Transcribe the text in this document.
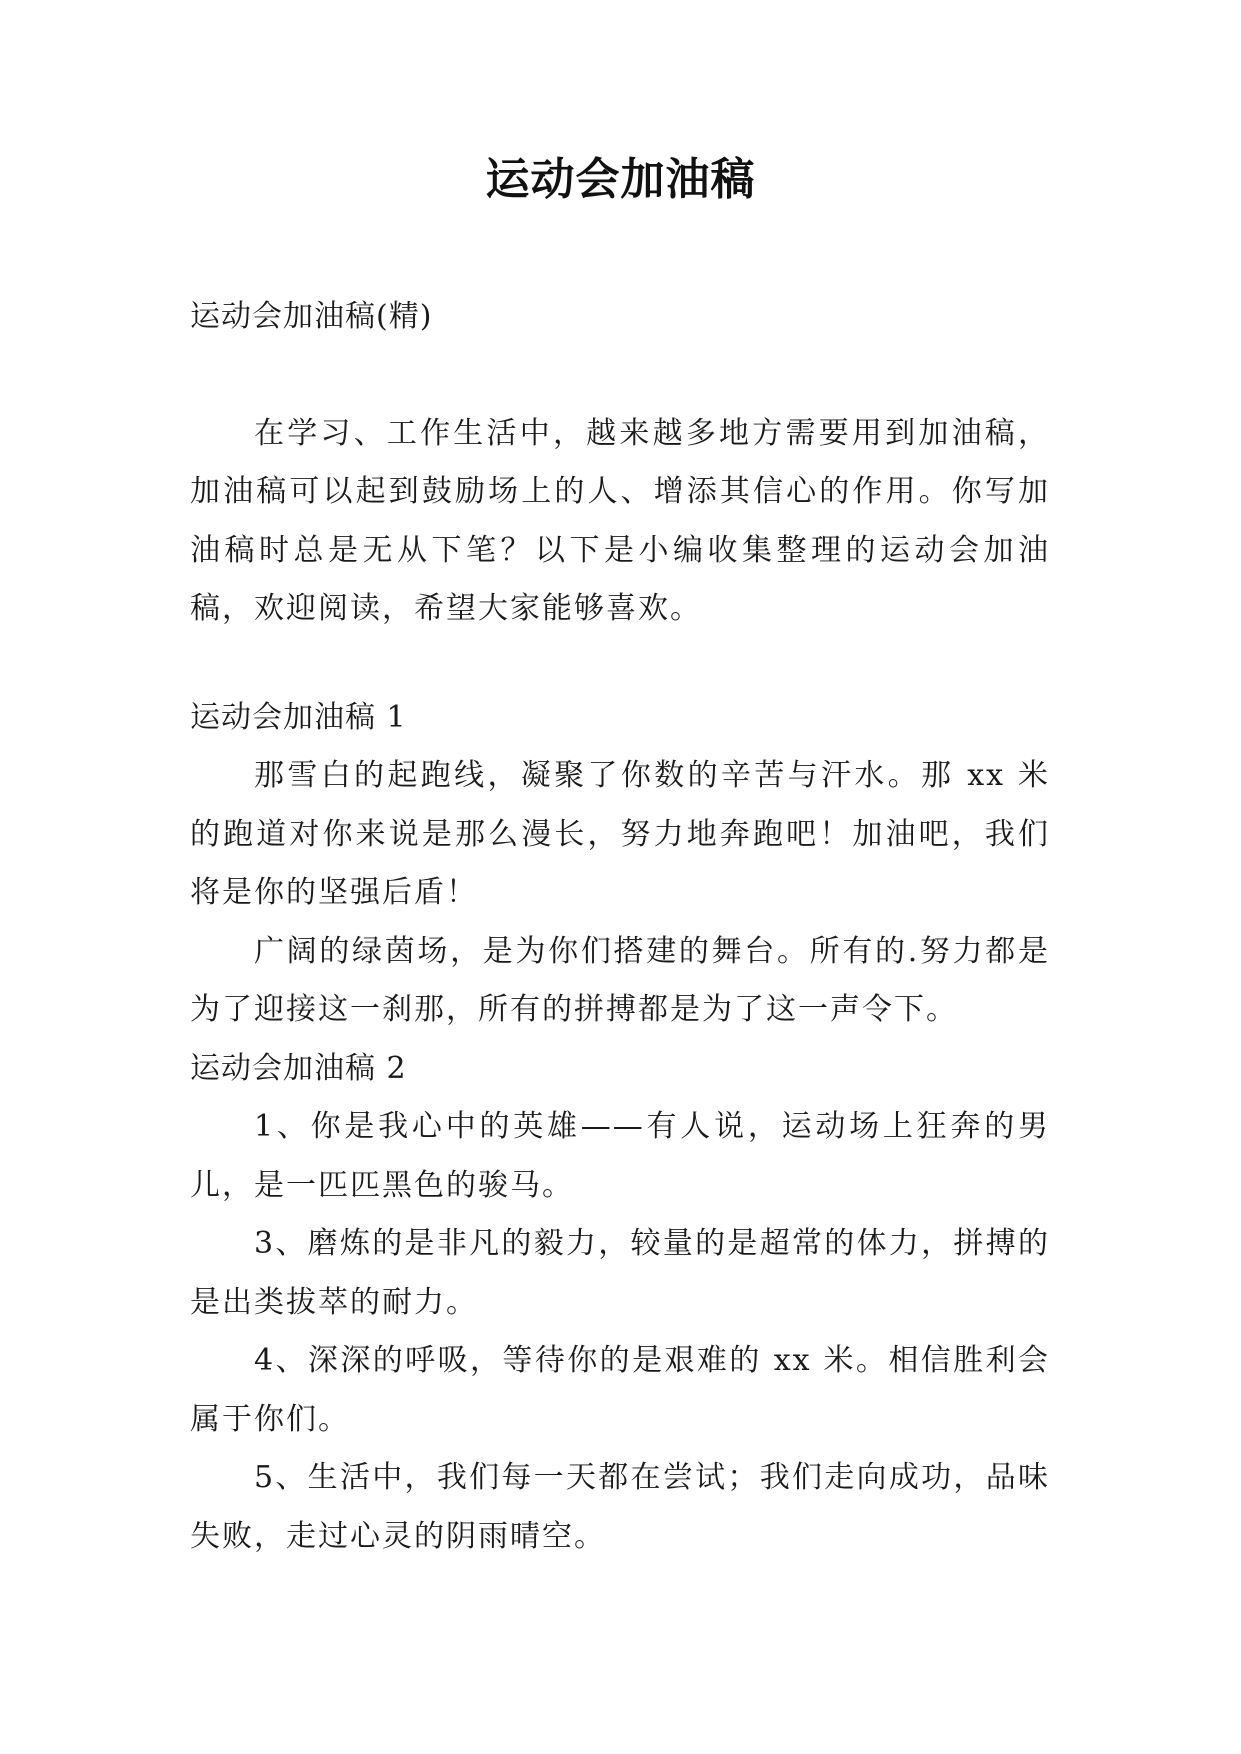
运动会加油稿

运动会加油稿(精)

在学习、工作生活中，越来越多地方需要用到加油稿，加油稿可以起到鼓励场上的人、增添其信心的作用。你写加油稿时总是无从下笔？以下是小编收集整理的运动会加油稿，欢迎阅读，希望大家能够喜欢。

运动会加油稿 1

那雪白的起跑线，凝聚了你数的辛苦与汗水。那 xx 米的跑道对你来说是那么漫长，努力地奔跑吧！加油吧，我们将是你的坚强后盾！

广阔的绿茵场，是为你们搭建的舞台。所有的.努力都是为了迎接这一刹那，所有的拼搏都是为了这一声令下。

运动会加油稿 2

1、你是我心中的英雄——有人说，运动场上狂奔的男儿，是一匹匹黑色的骏马。

3、磨炼的是非凡的毅力，较量的是超常的体力，拼搏的是出类拔萃的耐力。

4、深深的呼吸，等待你的是艰难的 xx 米。相信胜利会属于你们。

5、生活中，我们每一天都在尝试；我们走向成功，品味失败，走过心灵的阴雨晴空。
